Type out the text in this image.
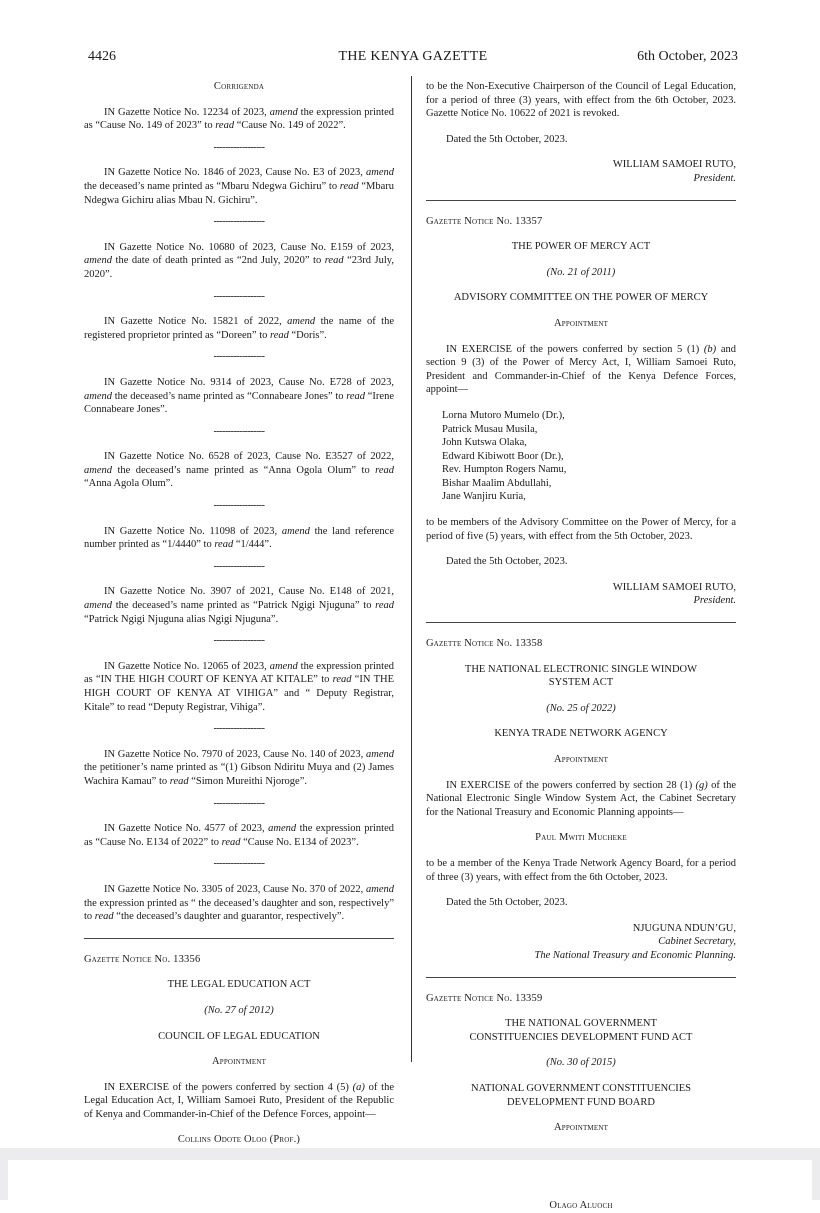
4426	THE KENYA GAZETTE	6th October, 2023

Corrigenda

IN Gazette Notice No. 12234 of 2023, amend the expression printed as “Cause No. 149 of 2023” to read “Cause No. 149 of 2022”.

------------------

IN Gazette Notice No. 1846 of 2023, Cause No. E3 of 2023, amend the deceased’s name printed as “Mbaru Ndegwa Gichiru” to read “Mbaru Ndegwa Gichiru alias Mbau N. Gichiru”.

------------------

IN Gazette Notice No. 10680 of 2023, Cause No. E159 of 2023, amend the date of death printed as “2nd July, 2020” to read “23rd July, 2020”.

------------------

IN Gazette Notice No. 15821 of 2022, amend the name of the registered proprietor printed as “Doreen” to read “Doris”.

------------------

IN Gazette Notice No. 9314 of 2023, Cause No. E728 of 2023, amend the deceased’s name printed as “Connabeare Jones” to read “Irene Connabeare Jones”.

------------------

IN Gazette Notice No. 6528 of 2023, Cause No. E3527 of 2022, amend the deceased’s name printed as “Anna Ogola Olum” to read “Anna Agola Olum”.

------------------

IN Gazette Notice No. 11098 of 2023, amend the land reference number printed as “1/4440” to read “1/444”.

------------------

IN Gazette Notice No. 3907 of 2021, Cause No. E148 of 2021, amend the deceased’s name printed as “Patrick Ngigi Njuguna” to read “Patrick Ngigi Njuguna alias Ngigi Njuguna”.

------------------

IN Gazette Notice No. 12065 of 2023, amend the expression printed as “IN THE HIGH COURT OF KENYA AT KITALE” to read “IN THE HIGH COURT OF KENYA AT VIHIGA” and “ Deputy Registrar, Kitale” to read “Deputy Registrar, Vihiga”.

------------------

IN Gazette Notice No. 7970 of 2023, Cause No. 140 of 2023, amend the petitioner’s name printed as “(1) Gibson Ndiritu Muya and (2) James Wachira Kamau” to read “Simon Mureithi Njoroge”.

------------------

IN Gazette Notice No. 4577 of 2023, amend the expression printed as “Cause No. E134 of 2022” to read “Cause No. E134 of 2023”.

------------------

IN Gazette Notice No. 3305 of 2023, Cause No. 370 of 2022, amend the expression printed as “ the deceased’s daughter and son, respectively” to read “the deceased’s daughter and guarantor, respectively”.

Gazette Notice No. 13356

THE LEGAL EDUCATION ACT

(No. 27 of 2012)

COUNCIL OF LEGAL EDUCATION

Appointment

IN EXERCISE of the powers conferred by section 4 (5) (a) of the Legal Education Act, I, William Samoei Ruto, President of the Republic of Kenya and Commander-in-Chief of the Defence Forces, appoint—

Collins Odote Oloo (Prof.)

to be the Non-Executive Chairperson of the Council of Legal Education, for a period of three (3) years, with effect from the 6th October, 2023. Gazette Notice No. 10622 of 2021 is revoked.

Dated the 5th October, 2023.

WILLIAM SAMOEI RUTO,

President.

Gazette Notice No. 13357

THE POWER OF MERCY ACT

(No. 21 of 2011)

ADVISORY COMMITTEE ON THE POWER OF MERCY

Appointment

IN EXERCISE of the powers conferred by section 5 (1) (b) and section 9 (3) of the Power of Mercy Act, I, William Samoei Ruto, President and Commander-in-Chief of the Kenya Defence Forces, appoint—

Lorna Mutoro Mumelo (Dr.),

Patrick Musau Musila,

John Kutswa Olaka,

Edward Kibiwott Boor (Dr.),

Rev. Humpton Rogers Namu,

Bishar Maalim Abdullahi,

Jane Wanjiru Kuria,

to be members of the Advisory Committee on the Power of Mercy, for a period of five (5) years, with effect from the 5th October, 2023.

Dated the 5th October, 2023.

WILLIAM SAMOEI RUTO,

President.

Gazette Notice No. 13358

THE NATIONAL ELECTRONIC SINGLE WINDOW SYSTEM ACT

(No. 25 of 2022)

KENYA TRADE NETWORK AGENCY

Appointment

IN EXERCISE of the powers conferred by section 28 (1) (g) of the National Electronic Single Window System Act, the Cabinet Secretary for the National Treasury and Economic Planning appoints—

Paul Mwiti Mucheke

to be a member of the Kenya Trade Network Agency Board, for a period of three (3) years, with effect from the 6th October, 2023.

Dated the 5th October, 2023.

NJUGUNA NDUN’GU,

Cabinet Secretary,

The National Treasury and Economic Planning.

Gazette Notice No. 13359

THE NATIONAL GOVERNMENT CONSTITUENCIES DEVELOPMENT FUND ACT

(No. 30 of 2015)

NATIONAL GOVERNMENT CONSTITUENCIES DEVELOPMENT FUND BOARD

Appointment

Olago Aluoch
